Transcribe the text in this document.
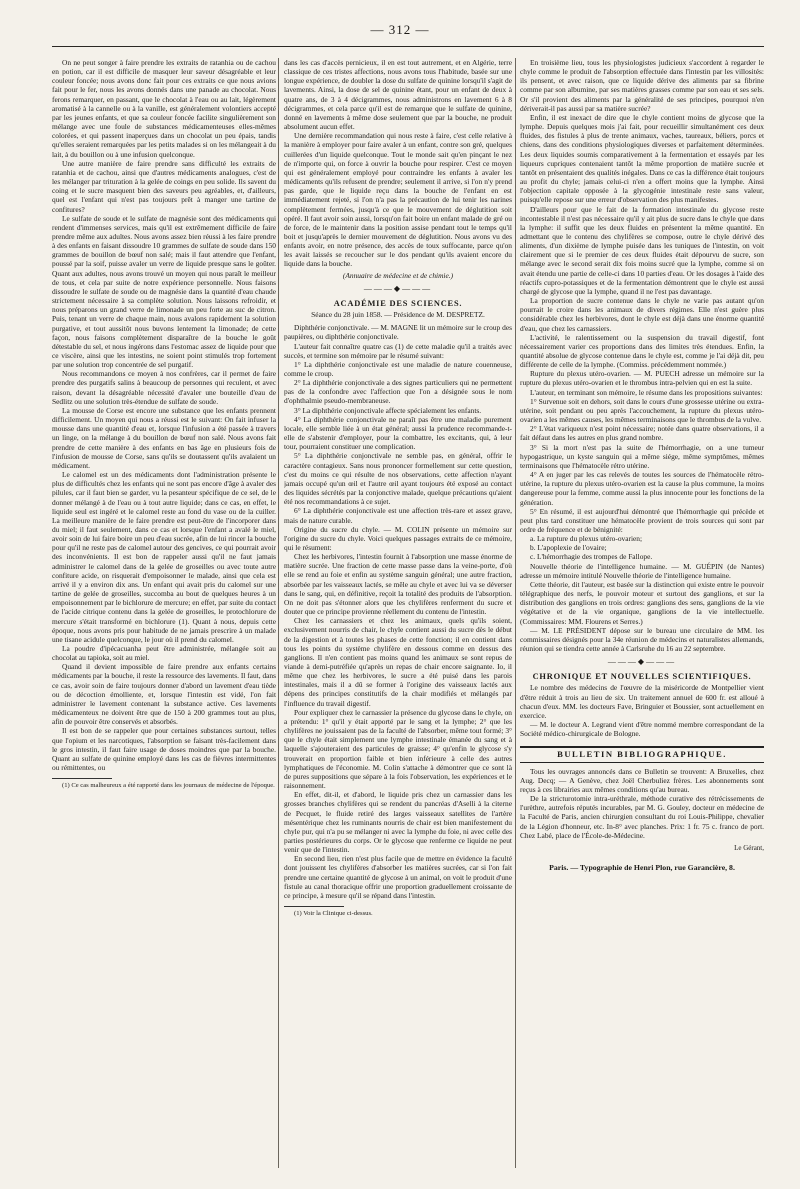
— 312 —

On ne peut songer à faire prendre les extraits de ratanhia ou de cachou en potion, car il est difficile de masquer leur saveur désagréable et leur couleur foncée; nous avons donc fait pour ces extraits ce que nous avions fait pour le fer, nous les avons donnés dans une panade au chocolat. Nous ferons remarquer, en passant, que le chocolat à l'eau ou au lait, légèrement aromatisé à la cannelle ou à la vanille, est généralement volontiers accepté par les jeunes enfants, et que sa couleur foncée facilite singulièrement son mélange avec une foule de substances médicamenteuses elles-mêmes colorées, et qui passent inaperçues dans un chocolat un peu épais, tandis qu'elles seraient remarquées par les petits malades si on les mélangeait à du lait, à du bouillon ou à une infusion quelconque.

Une autre manière de faire prendre sans difficulté les extraits de ratanhia et de cachou, ainsi que d'autres médicaments analogues, c'est de les mélanger par trituration à la gelée de coings en peu solide. Ils savent du coing et le sucre masquent bien des saveurs peu agréables, et, d'ailleurs, quel est l'enfant qui n'est pas toujours prêt à manger une tartine de confitures?

Le sulfate de soude et le sulfate de magnésie sont des médicaments qui rendent d'immenses services, mais qu'il est extrêmement difficile de faire prendre même aux adultes. Nous avons assez bien réussi à les faire prendre à des enfants en faisant dissoudre 10 grammes de sulfate de soude dans 150 grammes de bouillon de bœuf non salé; mais il faut attendre que l'enfant, poussé par la soif, puisse avaler un verre de liquide presque sans le goûter. Quant aux adultes, nous avons trouvé un moyen qui nous paraît le meilleur de tous, et cela par suite de notre expérience personnelle. Nous faisons dissoudre le sulfate de soude ou de magnésie dans la quantité d'eau chaude strictement nécessaire à sa complète solution. Nous laissons refroidir, et nous préparons un grand verre de limonade un peu forte au suc de citron. Puis, tenant un verre de chaque main, nous avalons rapidement la solution purgative, et tout aussitôt nous buvons lentement la limonade; de cette façon, nous faisons complètement disparaître de la bouche le goût détestable du sel, et nous ingérons dans l'estomac assez de liquide pour que ce viscère, ainsi que les intestins, ne soient point stimulés trop fortement par une solution trop concentrée de sel purgatif.

Nous recommandons ce moyen à nos confrères, car il permet de faire prendre des purgatifs salins à beaucoup de personnes qui reculent, et avec raison, devant la désagréable nécessité d'avaler une bouteille d'eau de Sedlitz ou une solution très-étendue de sulfate de soude.

La mousse de Corse est encore une substance que les enfants prennent difficilement. Un moyen qui nous a réussi est le suivant: On fait infuser la mousse dans une quantité d'eau et, lorsque l'infusion a été passée à travers un linge, on la mélange à du bouillon de bœuf non salé. Nous avons fait prendre de cette manière à des enfants en bas âge en plusieurs fois de l'infusion de mousse de Corse, sans qu'ils se doutassent qu'ils avalaient un médicament.

Le calomel est un des médicaments dont l'administration présente le plus de difficultés chez les enfants qui ne sont pas encore d'âge à avaler des pilules, car il faut bien se garder, vu la pesanteur spécifique de ce sel, de le donner mélangé à de l'eau ou à tout autre liquide; dans ce cas, en effet, le liquide seul est ingéré et le calomel reste au fond du vase ou de la cuiller. La meilleure manière de le faire prendre est peut-être de l'incorporer dans du miel; il faut seulement, dans ce cas et lorsque l'enfant a avalé le miel, avoir soin de lui faire boire un peu d'eau sucrée, afin de lui rincer la bouche pour qu'il ne reste pas de calomel autour des gencives, ce qui pourrait avoir des inconvénients. Il est bon de rappeler aussi qu'il ne faut jamais administrer le calomel dans de la gelée de groseilles ou avec toute autre confiture acide, on risquerait d'empoisonner le malade, ainsi que cela est arrivé il y a environ dix ans. Un enfant qui avait pris du calomel sur une tartine de gelée de groseilles, succomba au bout de quelques heures à un empoisonnement par le bichlorure de mercure; en effet, par suite du contact de l'acide citrique contenu dans la gelée de groseilles, le protochlorure de mercure s'était transformé en bichlorure (1). Quant à nous, depuis cette époque, nous avons pris pour habitude de ne jamais prescrire à un malade une tisane acidule quelconque, le jour où il prend du calomel.

La poudre d'ipécacuanha peut être administrée, mélangée soit au chocolat au tapioka, soit au miel.

Quand il devient impossible de faire prendre aux enfants certains médicaments par la bouche, il reste la ressource des lavements. Il faut, dans ce cas, avoir soin de faire toujours donner d'abord un lavement d'eau tiède ou de décoction émolliente, et, lorsque l'intestin est vidé, l'on fait administrer le lavement contenant la substance active. Ces lavements médicamenteux ne doivent être que de 150 à 200 grammes tout au plus, afin de pouvoir être conservés et absorbés.

Il est bon de se rappeler que pour certaines substances surtout, telles que l'opium et les narcotiques, l'absorption se faisant très-facilement dans le gros intestin, il faut faire usage de doses moindres que par la bouche. Quant au sulfate de quinine employé dans les cas de fièvres intermittentes ou rémittentes, ou

(1) Ce cas malheureux a été rapporté dans les journaux de médecine de l'époque.

dans les cas d'accès pernicieux, il en est tout autrement, et en Algérie, terre classique de ces tristes affections, nous avons tous l'habitude, basée sur une longue expérience, de doubler la dose du sulfate de quinine lorsqu'il s'agit de lavements. Ainsi, la dose de sel de quinine étant, pour un enfant de deux à quatre ans, de 3 à 4 décigrammes, nous administrons en lavement 6 à 8 décigrammes, et cela parce qu'il est de remarque que le sulfate de quinine, donné en lavements à même dose seulement que par la bouche, ne produit absolument aucun effet.

Une dernière recommandation qui nous reste à faire, c'est celle relative à la manière à employer pour faire avaler à un enfant, contre son gré, quelques cuillerées d'un liquide quelconque. Tout le monde sait qu'en pinçant le nez de n'importe qui, on force à ouvrir la bouche pour respirer. C'est ce moyen qui est généralement employé pour contraindre les enfants à avaler les médicaments qu'ils refusent de prendre; seulement il arrive, si l'on n'y prend pas garde, que le liquide reçu dans la bouche de l'enfant en est immédiatement rejeté, si l'on n'a pas la précaution de lui tenir les narines complètement fermées, jusqu'à ce que le mouvement de déglutition soit opéré. Il faut avoir soin aussi, lorsqu'on fait boire un enfant malade de gré ou de force, de le maintenir dans la position assise pendant tout le temps qu'il boit et jusqu'après le dernier mouvement de déglutition. Nous avons vu des enfants avoir, en notre présence, des accès de toux suffocante, parce qu'on les avait laissés se recoucher sur le dos pendant qu'ils avaient encore du liquide dans la bouche.

(Annuaire de médecine et de chimie.)
———◆———
ACADÉMIE DES SCIENCES.
Séance du 28 juin 1858. — Présidence de M. DESPRETZ.

Diphthérie conjonctivale. — M. MAGNE lit un mémoire sur le croup des paupières, ou diphthérie conjonctivale.

L'auteur fait connaître quatre cas (1) de cette maladie qu'il a traités avec succès, et termine son mémoire par le résumé suivant:

1° La diphthérie conjonctivale est une maladie de nature couenneuse, comme le croup.

2° La diphthérie conjonctivale a des signes particuliers qui ne permettent pas de la confondre avec l'affection que l'on a désignée sous le nom d'ophthalmie pseudo-membraneuse.

3° La diphthérie conjonctivale affecte spécialement les enfants.

4° La diphthérie conjonctivale ne paraît pas être une maladie purement locale, elle semble liée à un état général; aussi la prudence recommande-t-elle de s'abstenir d'employer, pour la combattre, les excitants, qui, à leur tour, pourraient constituer une complication.

5° La diphthérie conjonctivale ne semble pas, en général, offrir le caractère contagieux. Sans nous prononcer formellement sur cette question, c'est du moins ce qui résulte de nos observations, cette affection n'ayant jamais occupé qu'un œil et l'autre œil ayant toujours été exposé au contact des liquides sécrétés par la conjonctive malade, quelque précautions qu'aient été nos recommandations à ce sujet.

6° La diphthérie conjonctivale est une affection très-rare et assez grave, mais de nature curable.

Origine du sucre du chyle. — M. COLIN présente un mémoire sur l'origine du sucre du chyle. Voici quelques passages extraits de ce mémoire, qui le résument:

Chez les herbivores, l'intestin fournit à l'absorption une masse énorme de matière sucrée. Une fraction de cette masse passe dans la veine-porte, d'où elle se rend au foie et enfin au système sanguin général; une autre fraction, absorbée par les vaisseaux lactés, se mêle au chyle et avec lui va se déverser dans le sang, qui, en définitive, reçoit la totalité des produits de l'absorption. On ne doit pas s'étonner alors que les chylifères renferment du sucre et douter que ce principe provienne réellement du contenu de l'intestin.

Chez les carnassiers et chez les animaux, quels qu'ils soient, exclusivement nourris de chair, le chyle contient aussi du sucre dès le début de la digestion et à toutes les phases de cette fonction; il en contient dans tous les points du système chylifère en dessous comme en dessus des ganglions. Il n'en contient pas moins quand les animaux se sont repus de viande à demi-putréfiée qu'après un repas de chair encore saignante. Io, il même que chez les herbivores, le sucre a été puisé dans les parois intestinales, mais il a dû se former à l'origine des vaisseaux lactés aux dépens des principes constitutifs de la chair modifiés et mélangés par l'influence du travail digestif.

Pour expliquer chez le carnassier la présence du glycose dans le chyle, on a prétendu: 1° qu'il y était apporté par le sang et la lymphe; 2° que les chylifères ne jouissaient pas de la faculté de l'absorber, même tout formé; 3° que le chyle était simplement une lymphe intestinale émanée du sang et à laquelle s'ajouteraient des particules de graisse; 4° qu'enfin le glycose s'y trouverait en proportion faible et bien inférieure à celle des autres lymphatiques de l'économie. M. Colin s'attache à démontrer que ce sont là de pures suppositions que sépare à la fois l'observation, les expériences et le raisonnement.

En effet, dit-il, et d'abord, le liquide pris chez un carnassier dans les grosses branches chylifères qui se rendent du pancréas d'Aselli à la citerne de Pecquet, le fluide retiré des larges vaisseaux satellites de l'artère mésentérique chez les ruminants nourris de chair est bien manifestement du chyle pur, qui n'a pu se mélanger ni avec la lymphe du foie, ni avec celle des parties postérieures du corps. Or le glycose que renferme ce liquide ne peut venir que de l'intestin.

En second lieu, rien n'est plus facile que de mettre en évidence la faculté dont jouissent les chylifères d'absorber les matières sucrées, car si l'on fait prendre une certaine quantité de glycose à un animal, on voit le produit d'une fistule au canal thoracique offrir une proportion graduellement croissante de ce principe, à mesure qu'il se répand dans l'intestin.

(1) Voir la Clinique ci-dessus.

En troisième lieu, tous les physiologistes judicieux s'accordent à regarder le chyle comme le produit de l'absorption effectuée dans l'intestin par les villosités: ils pensent, et avec raison, que ce liquide dérive des aliments par sa fibrine comme par son albumine, par ses matières grasses comme par son eau et ses sels. Or s'il provient des aliments par la généralité de ses principes, pourquoi n'en dériverait-il pas aussi par sa matière sucrée?

Enfin, il est inexact de dire que le chyle contient moins de glycose que la lymphe. Depuis quelques mois j'ai fait, pour recueillir simultanément ces deux fluides, des fistules à plus de trente animaux, vaches, taureaux, béliers, porcs et chiens, dans des conditions physiologiques diverses et parfaitement déterminées. Les deux liquides soumis comparativement à la fermentation et essayés par les liqueurs cupriques contenaient tantôt la même proportion de matière sucrée et tantôt en présentaient des qualités inégales. Dans ce cas la différence était toujours au profit du chyle; jamais celui-ci n'en a offert moins que la lymphe. Ainsi l'objection capitale opposée à la glycogénie intestinale reste sans valeur, puisqu'elle repose sur une erreur d'observation des plus manifestes.

D'ailleurs pour que le fait de la formation intestinale du glycose reste incontestable il n'est pas nécessaire qu'il y ait plus de sucre dans le chyle que dans la lymphe: il suffit que les deux fluides en présentent la même quantité. En admettant que le contenu des chylifères se compose, outre le chyle dérivé des aliments, d'un dixième de lymphe puisée dans les tuniques de l'intestin, on voit clairement que si le premier de ces deux fluides était dépourvu de sucre, son mélange avec le second serait dix fois moins sucré que la lymphe, comme si on avait étendu une partie de celle-ci dans 10 parties d'eau. Or les dosages à l'aide des réactifs cupro-potassiques et de la fermentation démontrent que le chyle est aussi chargé de glycose que la lymphe, quand il ne l'est pas davantage.

La proportion de sucre contenue dans le chyle ne varie pas autant qu'on pourrait le croire dans les animaux de divers régimes. Elle n'est guère plus considérable chez les herbivores, dont le chyle est déjà dans une énorme quantité d'eau, que chez les carnassiers.

L'activité, le ralentissement ou la suspension du travail digestif, font nécessairement varier ces proportions dans des limites très étendues. Enfin, la quantité absolue de glycose contenue dans le chyle est, comme je l'ai déjà dit, peu différente de celle de la lymphe. (Commiss. précédemment nommée.)

Rupture du plexus utéro-ovarien. — M. PUECH adresse un mémoire sur la rupture du plexus utéro-ovarien et le thrombus intra-pelvien qui en est la suite.

L'auteur, en terminant son mémoire, le résume dans les propositions suivantes:

1° Survenue soit en dehors, soit dans le cours d'une grossesse utérine ou extra-utérine, soit pendant ou peu après l'accouchement, la rupture du plexus utéro-ovarien a les mêmes causes, les mêmes terminaisons que le thrombus de la vulve.

2° L'état variqueux n'est point nécessaire; notée dans quatre observations, il a fait défaut dans les autres en plus grand nombre.

3° Si la mort n'est pas la suite de l'hémorrhagie, on a une tumeur hypogastrique, un kyste sanguin qui a même siége, même symptômes, mêmes terminaisons que l'hématocèle rétro utérine.

4° A en juger par les cas relevés de toutes les sources de l'hématocèle rétro-utérine, la rupture du plexus utéro-ovarien est la cause la plus commune, la moins dangereuse pour la femme, comme aussi la plus innocente pour les fonctions de la génération.

5° En résumé, il est aujourd'hui démontré que l'hémorrhagie qui précède et peut plus tard constituer une hématocèle provient de trois sources qui sont par ordre de fréquence et de bénignité:

a. La rupture du plexus utéro-ovarien;

b. L'apoplexie de l'ovaire;

c. L'hémorrhagie des trompes de Fallope.

Nouvelle théorie de l'intelligence humaine. — M. GUÉPIN (de Nantes) adresse un mémoire intitulé Nouvelle théorie de l'intelligence humaine.

Cette théorie, dit l'auteur, est basée sur la distinction qui existe entre le pouvoir télégraphique des nerfs, le pouvoir moteur et surtout des ganglions, et sur la distribution des ganglions en trois ordres: ganglions des sens, ganglions de la vie végétative et de la vie organique, ganglions de la vie intellectuelle. (Commissaires: MM. Flourens et Serres.)

— M. LE PRÉSIDENT dépose sur le bureau une circulaire de MM. les commissaires désignés pour la 34e réunion de médecins et naturalistes allemands, réunion qui se tiendra cette année à Carlsruhe du 16 au 22 septembre.

———◆———
CHRONIQUE ET NOUVELLES SCIENTIFIQUES.

Le nombre des médecins de l'œuvre de la miséricorde de Montpellier vient d'être réduit à trois au lieu de six. Un traitement annuel de 600 fr. est alloué à chacun d'eux. MM. les docteurs Fave, Bringuier et Boussier, sont actuellement en exercice.

— M. le docteur A. Legrand vient d'être nommé membre correspondant de la Société médico-chirurgicale de Bologne.

BULLETIN BIBLIOGRAPHIQUE.

Tous les ouvrages annoncés dans ce Bulletin se trouvent: A Bruxelles, chez Aug. Decq; — A Genève, chez Joël Cherbuliez frères. Les abonnements sont reçus à ces librairies aux mêmes conditions qu'au bureau.

De la stricturotomie intra-uréthrale, méthode curative des rétrécissements de l'urèthre, autrefois réputés incurables, par M. G. Gouley, docteur en médecine de la Faculté de Paris, ancien chirurgien consultant du roi Louis-Philippe, chevalier de la Légion d'honneur, etc. In-8° avec planches. Prix: 1 fr. 75 c. franco de port. Chez Labé, place de l'École-de-Médecine.

Le Gérant,
Paris. — Typographie de Henri Plon, rue Garancière, 8.
